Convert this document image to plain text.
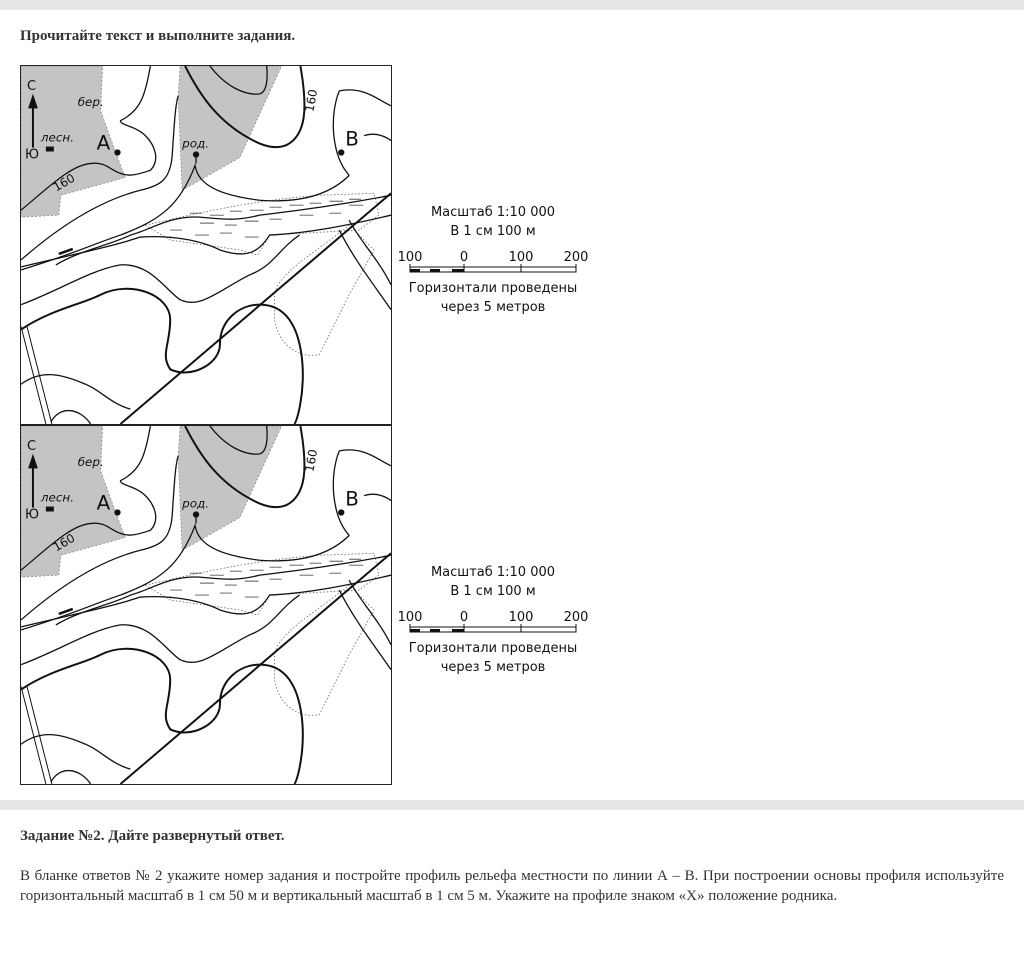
Прочитайте текст и выполните задания.
С
Ю
А	В
бер.
лесн.	род.
160
160
С
Ю
А	В
бер.
лесн.	род.
160
160
Масштаб 1:10 000
В 1 см 100 м
100	0	100 200
Горизонтали проведены
через 5 метров
Масштаб 1:10 000
В 1 см 100 м
100	0	100 200
Горизонтали проведены
через 5 метров
Задание №2. Дайте развернутый ответ.
В бланке ответов № 2 укажите номер задания и постройте профиль рельефа местности по линии А – В. При построении основы профиля используйте горизонтальный масштаб в 1 см 50 м и вертикальный масштаб в 1 см 5 м. Укажите на профиле знаком «X» положение родника.
